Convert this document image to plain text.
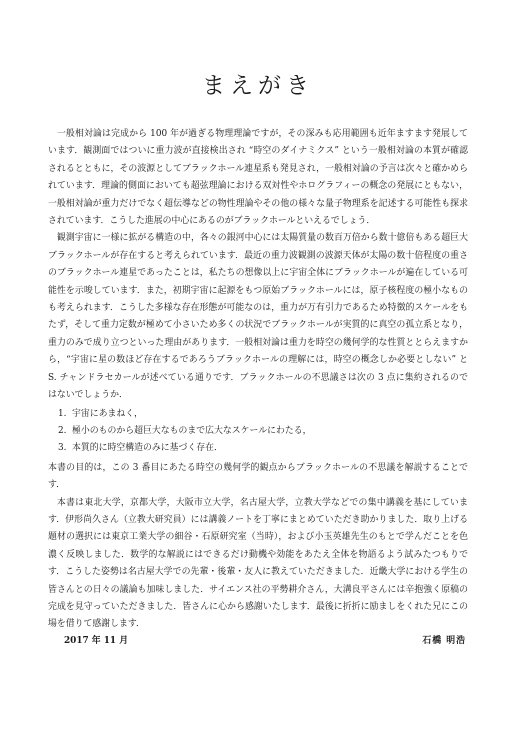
まえがき

一般相対論は完成から 100 年が過ぎる物理理論ですが，その深みも応用範囲も近年ますます発展しています．観測面ではついに重力波が直接検出され “時空のダイナミクス” という一般相対論の本質が確認されるとともに，その波源としてブラックホール連星系も発見され，一般相対論の予言は次々と確かめられています．理論的側面においても超弦理論における双対性やホログラフィーの概念の発展にともない，一般相対論が重力だけでなく超伝導などの物性理論やその他の様々な量子物理系を記述する可能性も探求されています．こうした進展の中心にあるのがブラックホールといえるでしょう．

観測宇宙に一様に拡がる構造の中，各々の銀河中心には太陽質量の数百万倍から数十億倍もある超巨大ブラックホールが存在すると考えられています．最近の重力波観測の波源天体が太陽の数十倍程度の重さのブラックホール連星であったことは，私たちの想像以上に宇宙全体にブラックホールが遍在している可能性を示唆しています．また，初期宇宙に起源をもつ原始ブラックホールには，原子核程度の極小なものも考えられます．こうした多様な存在形態が可能なのは，重力が万有引力であるため特徴的スケールをもたず，そして重力定数が極めて小さいため多くの状況でブラックホールが実質的に真空の孤立系となり，重力のみで成り立つといった理由があります．一般相対論は重力を時空の幾何学的な性質ととらえますから，“宇宙に星の数ほど存在するであろうブラックホールの理解には，時空の概念しか必要としない” と S. チャンドラセカールが述べている通りです．ブラックホールの不思議さは次の 3 点に集約されるのではないでしょうか．

1. 宇宙にあまねく，
2. 極小のものから超巨大なものまで広大なスケールにわたる，
3. 本質的に時空構造のみに基づく存在．

本書の目的は，この 3 番目にあたる時空の幾何学的観点からブラックホールの不思議を解説することです．

本書は東北大学，京都大学，大阪市立大学，名古屋大学，立教大学などでの集中講義を基にしています．伊形尚久さん（立教大研究員）には講義ノートを丁寧にまとめていただき助かりました．取り上げる題材の選択には東京工業大学の細谷・石原研究室（当時），および小玉英雄先生のもとで学んだことを色濃く反映しました．数学的な解説にはできるだけ動機や効能をあたえ全体を物語るよう試みたつもりです．こうした姿勢は名古屋大学での先輩・後輩・友人に教えていただきました．近畿大学における学生の皆さんとの日々の議論も加味しました．サイエンス社の平勢耕介さん，大溝良平さんには辛抱強く原稿の完成を見守っていただきました．皆さんに心から感謝いたします．最後に折折に励ましをくれた兄にこの場を借りて感謝します．

2017 年 11 月	石橋 明浩
